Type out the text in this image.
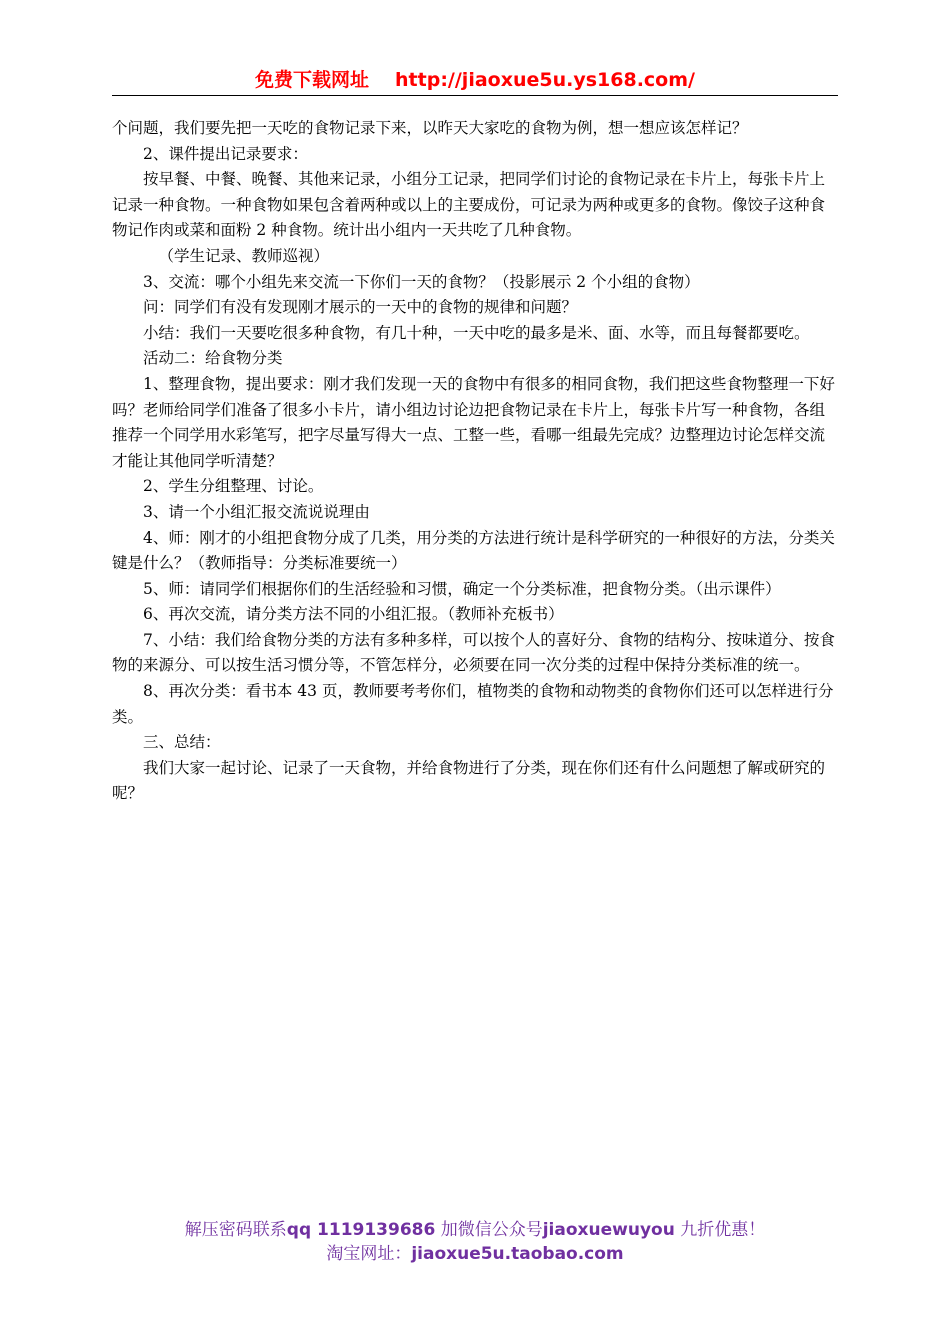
免费下载网址 http://jiaoxue5u.ys168.com/

个问题，我们要先把一天吃的食物记录下来，以昨天大家吃的食物为例，想一想应该怎样记？

2、课件提出记录要求：

按早餐、中餐、晚餐、其他来记录，小组分工记录，把同学们讨论的食物记录在卡片上，每张卡片上记录一种食物。一种食物如果包含着两种或以上的主要成份，可记录为两种或更多的食物。像饺子这种食物记作肉或菜和面粉 2 种食物。统计出小组内一天共吃了几种食物。

（学生记录、教师巡视）

3、交流：哪个小组先来交流一下你们一天的食物？（投影展示 2 个小组的食物）

问：同学们有没有发现刚才展示的一天中的食物的规律和问题？

小结：我们一天要吃很多种食物，有几十种，一天中吃的最多是米、面、水等，而且每餐都要吃。

活动二：给食物分类

1、整理食物，提出要求：刚才我们发现一天的食物中有很多的相同食物，我们把这些食物整理一下好吗？老师给同学们准备了很多小卡片，请小组边讨论边把食物记录在卡片上，每张卡片写一种食物，各组推荐一个同学用水彩笔写，把字尽量写得大一点、工整一些，看哪一组最先完成？边整理边讨论怎样交流才能让其他同学听清楚？

2、学生分组整理、讨论。

3、请一个小组汇报交流说说理由

4、师：刚才的小组把食物分成了几类，用分类的方法进行统计是科学研究的一种很好的方法，分类关键是什么？（教师指导：分类标准要统一）

5、师：请同学们根据你们的生活经验和习惯，确定一个分类标准，把食物分类。（出示课件）

6、再次交流，请分类方法不同的小组汇报。（教师补充板书）

7、小结：我们给食物分类的方法有多种多样，可以按个人的喜好分、食物的结构分、按味道分、按食物的来源分、可以按生活习惯分等，不管怎样分，必须要在同一次分类的过程中保持分类标准的统一。

8、再次分类：看书本 43 页，教师要考考你们，植物类的食物和动物类的食物你们还可以怎样进行分类。

三、总结：

我们大家一起讨论、记录了一天食物，并给食物进行了分类，现在你们还有什么问题想了解或研究的呢？

解压密码联系qq 1119139686 加微信公众号jiaoxuewuyou 九折优惠！
淘宝网址：jiaoxue5u.taobao.com
